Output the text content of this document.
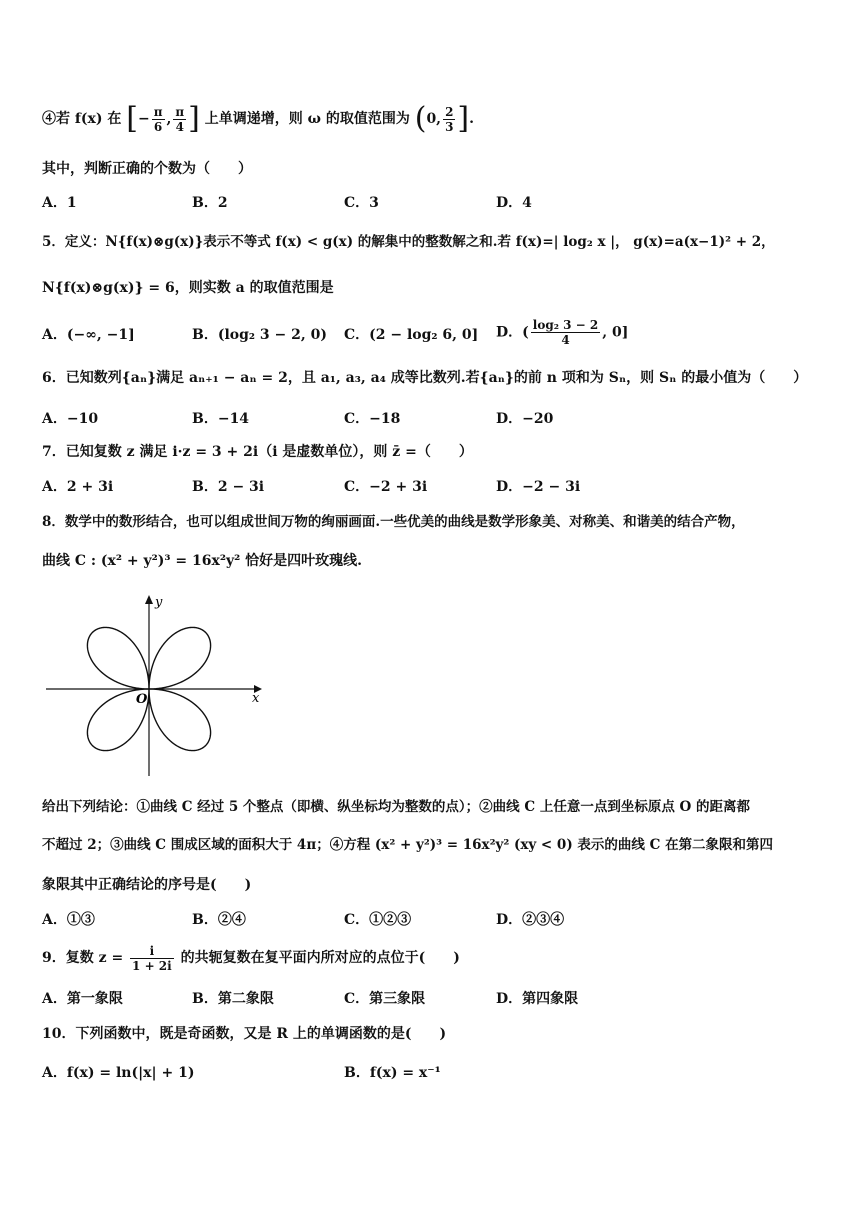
④若 f(x) 在 [− $\frac{\pi}{6}$ , $\frac{\pi}{4}$ ] 上单调递增，则 ω 的取值范围为 (0, $\frac{2}{3}$ ].
其中，判断正确的个数为（　　）
A．1	B．2	C．3	D．4
5．定义：N{f(x)⊗g(x)}表示不等式 f(x) < g(x) 的解集中的整数解之和.若 f(x)=| log₂ x |， g(x)=a(x−1)² + 2，
N{f(x)⊗g(x)} = 6，则实数 a 的取值范围是
A．(−∞, −1]	B．(log₂ 3 − 2, 0) C．(2 − log₂ 6, 0] D．( $\frac{\text{log₂ 3 − 2}}{4}$ , 0]
6．已知数列{aₙ}满足 aₙ₊₁ − aₙ = 2，且 a₁, a₃, a₄ 成等比数列.若{aₙ}的前 n 项和为 Sₙ，则 Sₙ 的最小值为（　　）
A．−10	B．−14	C．−18	D．−20
7．已知复数 z 满足 i·z = 3 + 2i（i 是虚数单位），则 z̄ =（　　）
A．2 + 3i	B．2 − 3i	C．−2 + 3i	D．−2 − 3i
8．数学中的数形结合，也可以组成世间万物的绚丽画面.一些优美的曲线是数学形象美、对称美、和谐美的结合产物，
曲线 C : (x² + y²)³ = 16x²y² 恰好是四叶玫瑰线.
y
x
O
给出下列结论：①曲线 C 经过 5 个整点（即横、纵坐标均为整数的点）；②曲线 C 上任意一点到坐标原点 O 的距离都
不超过 2；③曲线 C 围成区域的面积大于 4π；④方程 (x² + y²)³ = 16x²y² (xy < 0) 表示的曲线 C 在第二象限和第四
象限其中正确结论的序号是(　　)
A．①③	B．②④	C．①②③	D．②③④
9．复数 $z = \frac{i}{1 + 2i}$ 的共轭复数在复平面内所对应的点位于(　　)
A．第一象限	B．第二象限	C．第三象限	D．第四象限
10．下列函数中，既是奇函数，又是 R 上的单调函数的是(　　)
A．f(x) = ln(|x| + 1)	B．f(x) = x⁻¹
